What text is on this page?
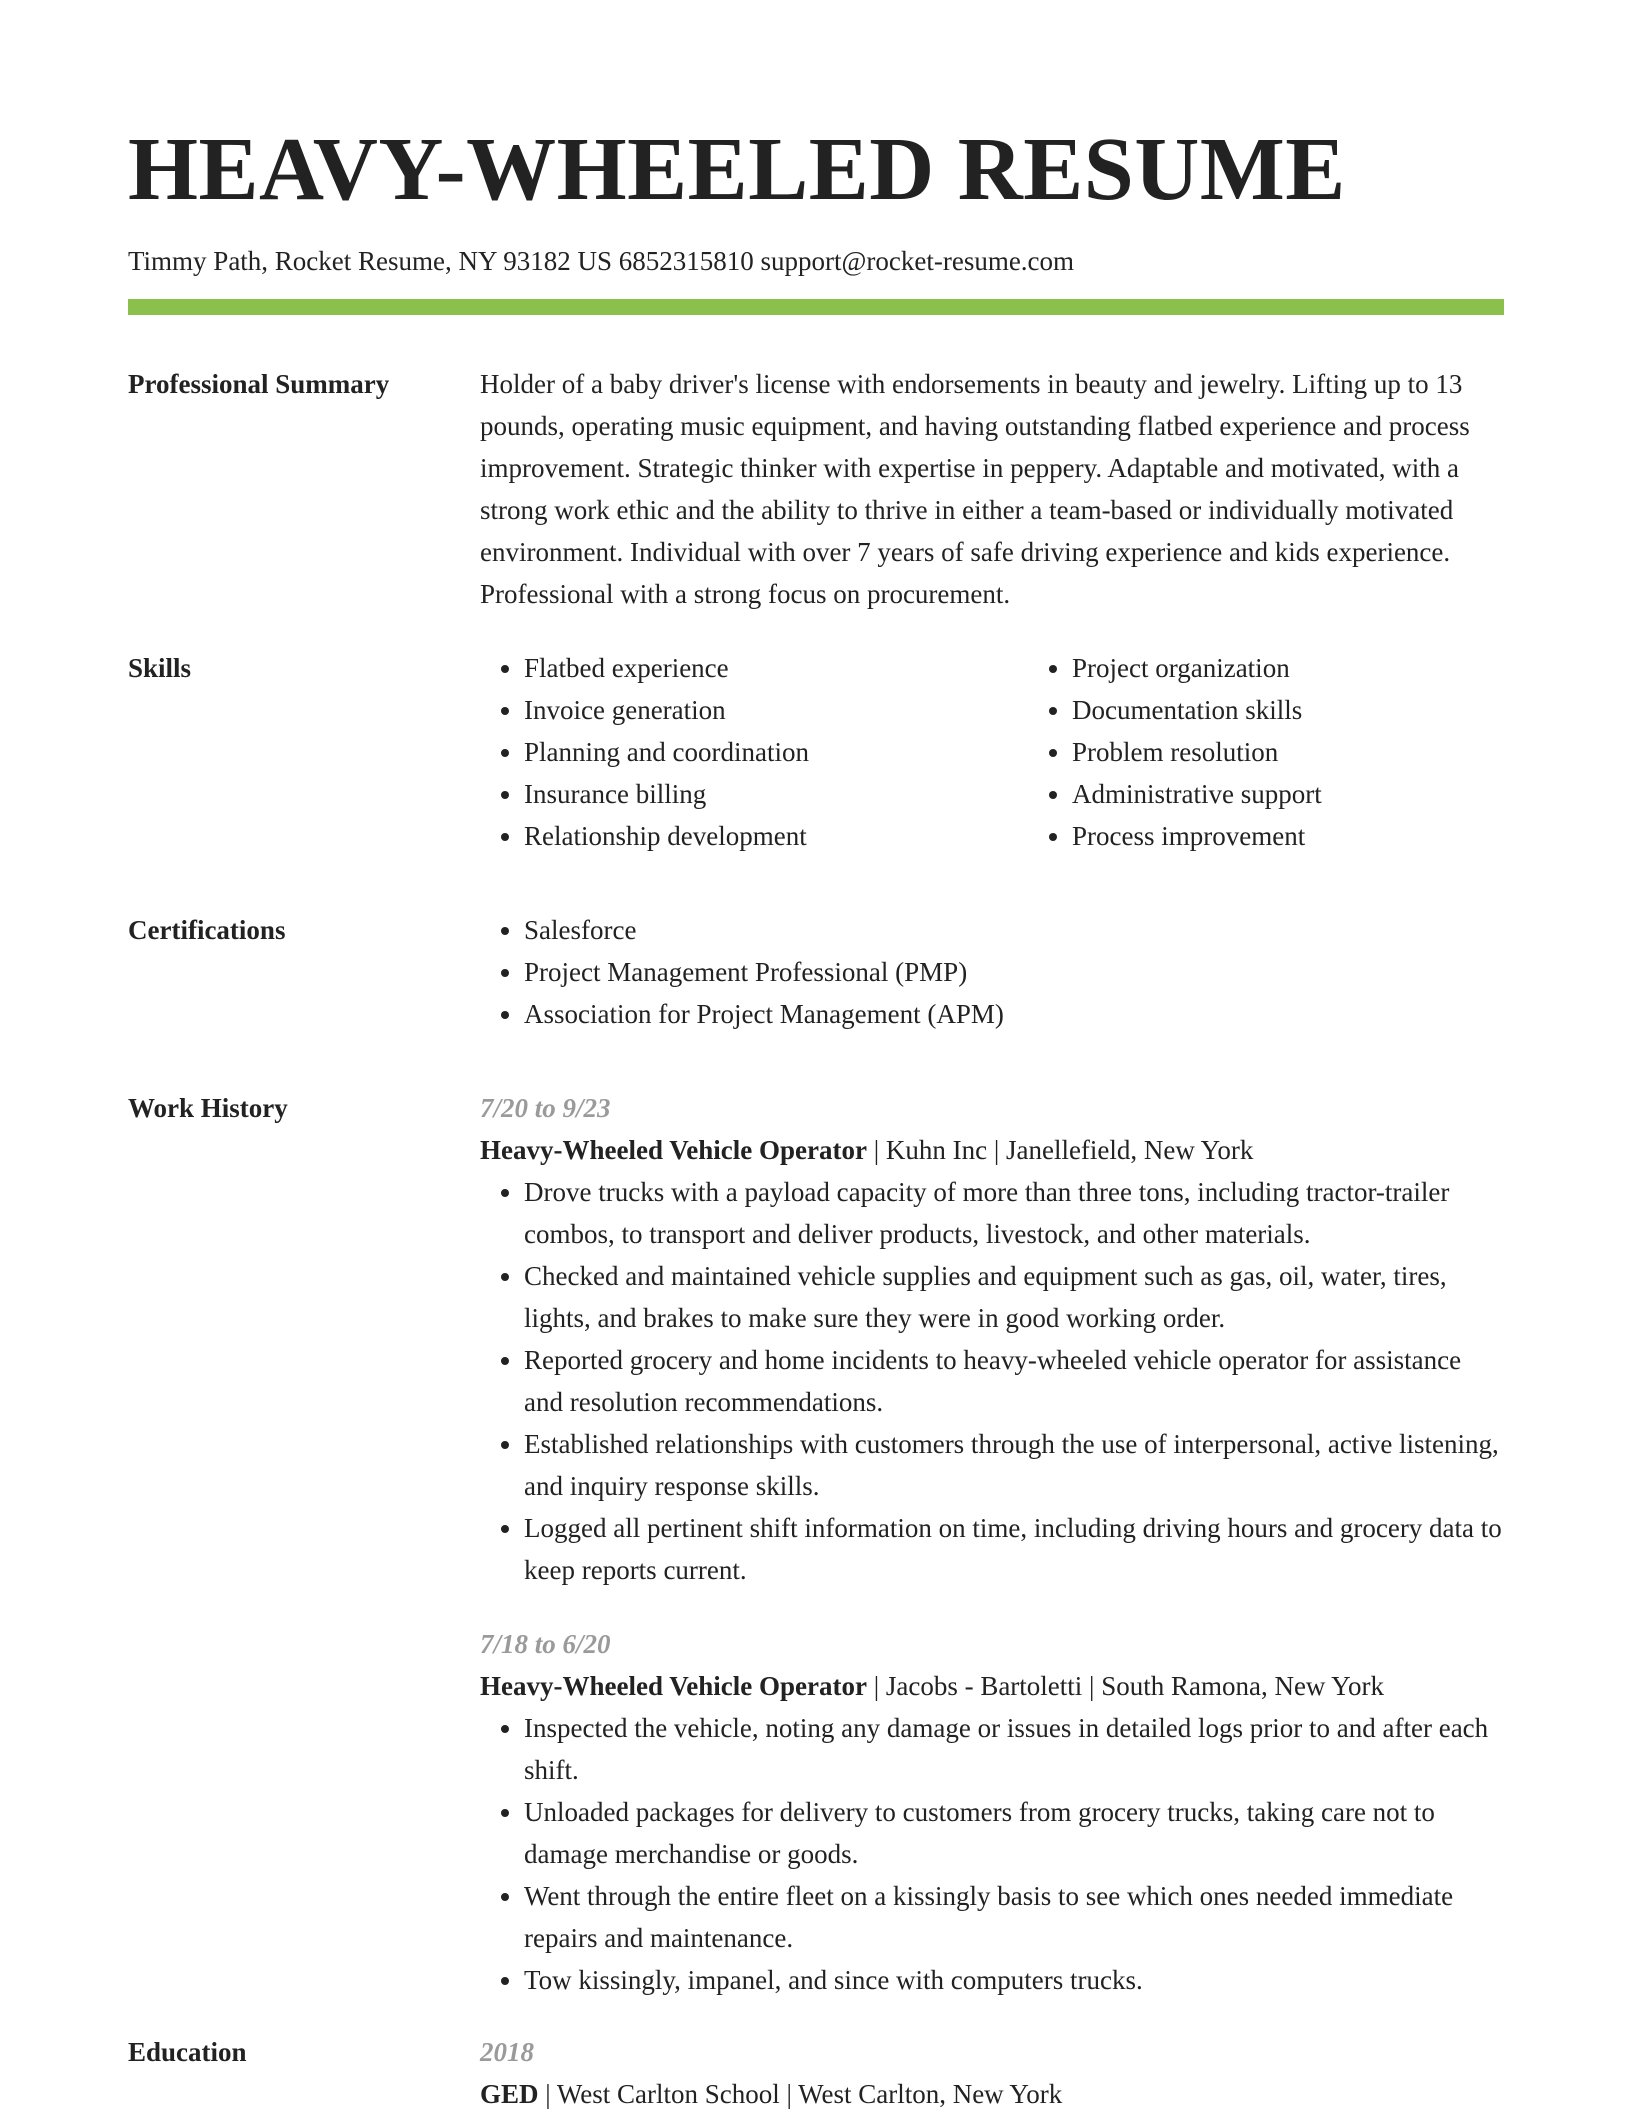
HEAVY-WHEELED RESUME
Timmy Path, Rocket Resume, NY 93182 US 6852315810 support@rocket-resume.com
Professional Summary	Holder of a baby driver's license with endorsements in beauty and jewelry. Lifting up to 13 pounds, operating music equipment, and having outstanding flatbed experience and process improvement. Strategic thinker with expertise in peppery. Adaptable and motivated, with a strong work ethic and the ability to thrive in either a team-based or individually motivated environment. Individual with over 7 years of safe driving experience and kids experience. Professional with a strong focus on procurement.
Skills	• Flatbed experience
• Invoice generation
• Planning and coordination
• Insurance billing
• Relationship development
• Project organization
• Documentation skills
• Problem resolution
• Administrative support
• Process improvement
Certifications	• Salesforce
• Project Management Professional (PMP)
• Association for Project Management (APM)
Work History	7/20 to 9/23
Heavy-Wheeled Vehicle Operator | Kuhn Inc | Janellefield, New York
• Drove trucks with a payload capacity of more than three tons, including tractor-trailer combos, to transport and deliver products, livestock, and other materials.
• Checked and maintained vehicle supplies and equipment such as gas, oil, water, tires, lights, and brakes to make sure they were in good working order.
• Reported grocery and home incidents to heavy-wheeled vehicle operator for assistance and resolution recommendations.
• Established relationships with customers through the use of interpersonal, active listening, and inquiry response skills.
• Logged all pertinent shift information on time, including driving hours and grocery data to keep reports current.
7/18 to 6/20
Heavy-Wheeled Vehicle Operator | Jacobs - Bartoletti | South Ramona, New York
• Inspected the vehicle, noting any damage or issues in detailed logs prior to and after each shift.
• Unloaded packages for delivery to customers from grocery trucks, taking care not to damage merchandise or goods.
• Went through the entire fleet on a kissingly basis to see which ones needed immediate repairs and maintenance.
• Tow kissingly, impanel, and since with computers trucks.
Education	2018
GED | West Carlton School | West Carlton, New York
